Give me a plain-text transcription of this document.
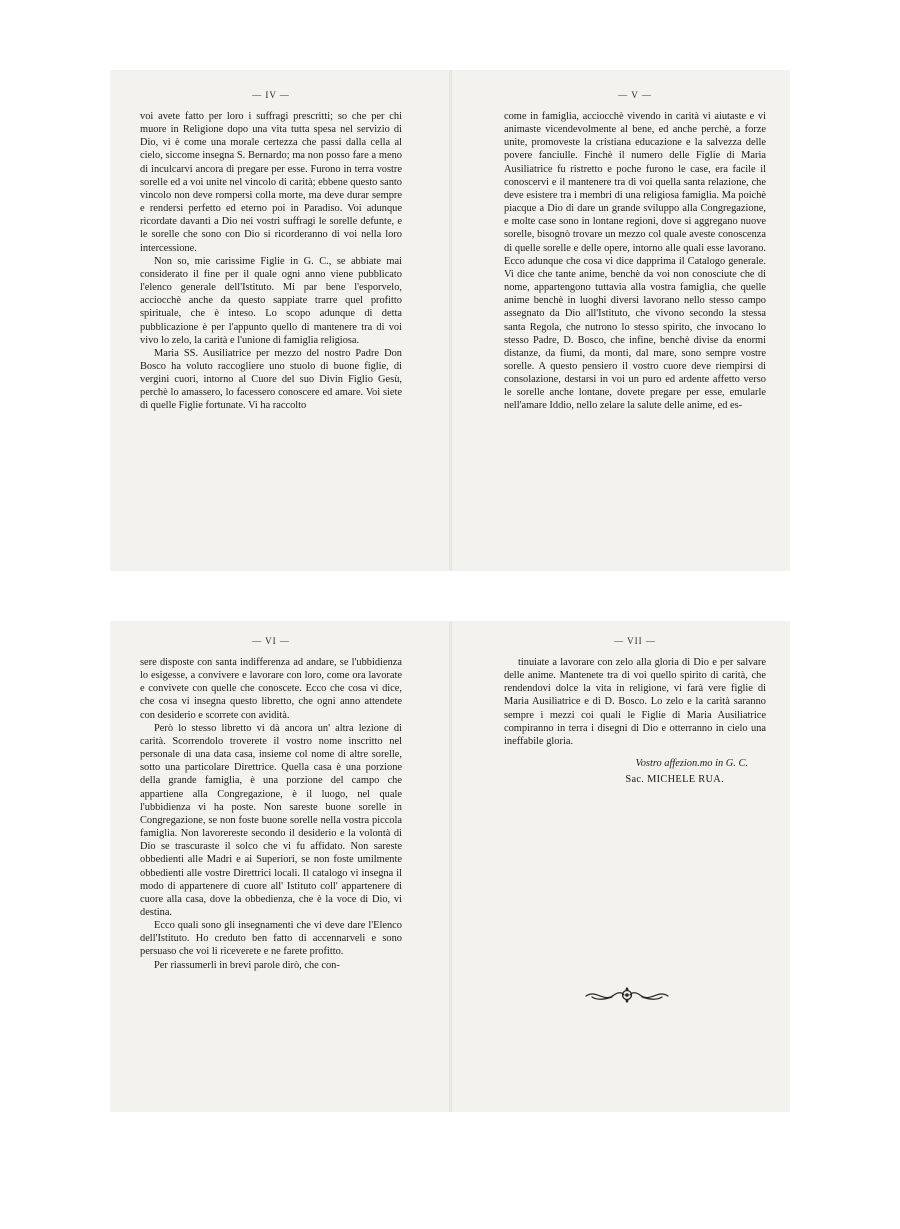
— IV —

voi avete fatto per loro i suffragi prescritti; so che per chi muore in Religione dopo una vita tutta spesa nel servizio di Dio, vi è come una morale certezza che passi dalla cella al cielo, siccome insegna S. Bernardo; ma non posso fare a meno di inculcarvi ancora di pregare per esse. Furono in terra vostre sorelle ed a voi unite nel vincolo di carità; ebbene questo santo vincolo non deve rompersi colla morte, ma deve durar sempre e rendersi perfetto ed eterno poi in Paradiso. Voi adunque ricordate davanti a Dio nei vostri suffragi le sorelle defunte, e le sorelle che sono con Dio si ricorderanno di voi nella loro intercessione.

Non so, mie carissime Figlie in G. C., se abbiate mai considerato il fine per il quale ogni anno viene pubblicato l'elenco generale dell'Istituto. Mi par bene l'esporvelo, acciocchè anche da questo sappiate trarre quel profitto spirituale, che è inteso. Lo scopo adunque di detta pubblicazione è per l'appunto quello di mantenere tra di voi vivo lo zelo, la carità e l'unione di famiglia religiosa.

Maria SS. Ausiliatrice per mezzo del nostro Padre Don Bosco ha voluto raccogliere uno stuolo di buone figlie, di vergini cuori, intorno al Cuore del suo Divin Figlio Gesù, perchè lo amassero, lo facessero conoscere ed amare. Voi siete di quelle Figlie fortunate. Vi ha raccolto

— V —

come in famiglia, acciocchè vivendo in carità vi aiutaste e vi animaste vicendevolmente al bene, ed anche perchè, a forze unite, promoveste la cristiana educazione e la salvezza delle povere fanciulle. Finchè il numero delle Figlie di Maria Ausiliatrice fu ristretto e poche furono le case, era facile il conoscervi e il mantenere tra di voi quella santa relazione, che deve esistere tra i membri di una religiosa famiglia. Ma poichè piacque a Dio di dare un grande sviluppo alla Congregazione, e molte case sono in lontane regioni, dove si aggregano nuove sorelle, bisognò trovare un mezzo col quale aveste conoscenza di quelle sorelle e delle opere, intorno alle quali esse lavorano. Ecco adunque che cosa vi dice dapprima il Catalogo generale. Vi dice che tante anime, benchè da voi non conosciute che di nome, appartengono tuttavia alla vostra famiglia, che quelle anime benchè in luoghi diversi lavorano nello stesso campo assegnato da Dio all'Istituto, che vivono secondo la stessa santa Regola, che nutrono lo stesso spirito, che invocano lo stesso Padre, D. Bosco, che infine, benchè divise da enormi distanze, da fiumi, da monti, dal mare, sono sempre vostre sorelle. A questo pensiero il vostro cuore deve riempirsi di consolazione, destarsi in voi un puro ed ardente affetto verso le sorelle anche lontane, dovete pregare per esse, emularle nell'amare Iddio, nello zelare la salute delle anime, ed es-

— VI —

sere disposte con santa indifferenza ad andare, se l'ubbidienza lo esigesse, a convivere e lavorare con loro, come ora lavorate e convivete con quelle che conoscete. Ecco che cosa vi dice, che cosa vi insegna questo libretto, che ogni anno attendete con desiderio e scorrete con avidità.

Però lo stesso libretto vi dà ancora un' altra lezione di carità. Scorrendolo troverete il vostro nome inscritto nel personale di una data casa, insieme col nome di altre sorelle, sotto una particolare Direttrice. Quella casa è una porzione della grande famiglia, è una porzione del campo che appartiene alla Congregazione, è il luogo, nel quale l'ubbidienza vi ha poste. Non sareste buone sorelle in Congregazione, se non foste buone sorelle nella vostra piccola famiglia. Non lavorereste secondo il desiderio e la volontà di Dio se trascuraste il solco che vi fu affidato. Non sareste obbedienti alle Madri e ai Superiori, se non foste umilmente obbedienti alle vostre Direttrici locali. Il catalogo vi insegna il modo di appartenere di cuore all' Istituto coll' appartenere di cuore alla casa, dove la obbedienza, che è la voce di Dio, vi destina.

Ecco quali sono gli insegnamenti che vi deve dare l'Elenco dell'Istituto. Ho creduto ben fatto di accennarveli e sono persuaso che voi li riceverete e ne farete profitto.

Per riassumerli in brevi parole dirò, che con-

— VII —

tinuiate a lavorare con zelo alla gloria di Dio e per salvare delle anime. Mantenete tra di voi quello spirito di carità, che rendendovi dolce la vita in religione, vi farà vere figlie di Maria Ausiliatrice e di D. Bosco. Lo zelo e la carità saranno sempre i mezzi coi quali le Figlie di Maria Ausiliatrice compiranno in terra i disegni di Dio e otterranno in cielo una ineffabile gloria.

Vostro affezion.mo in G. C.
Sac. MICHELE RUA.
